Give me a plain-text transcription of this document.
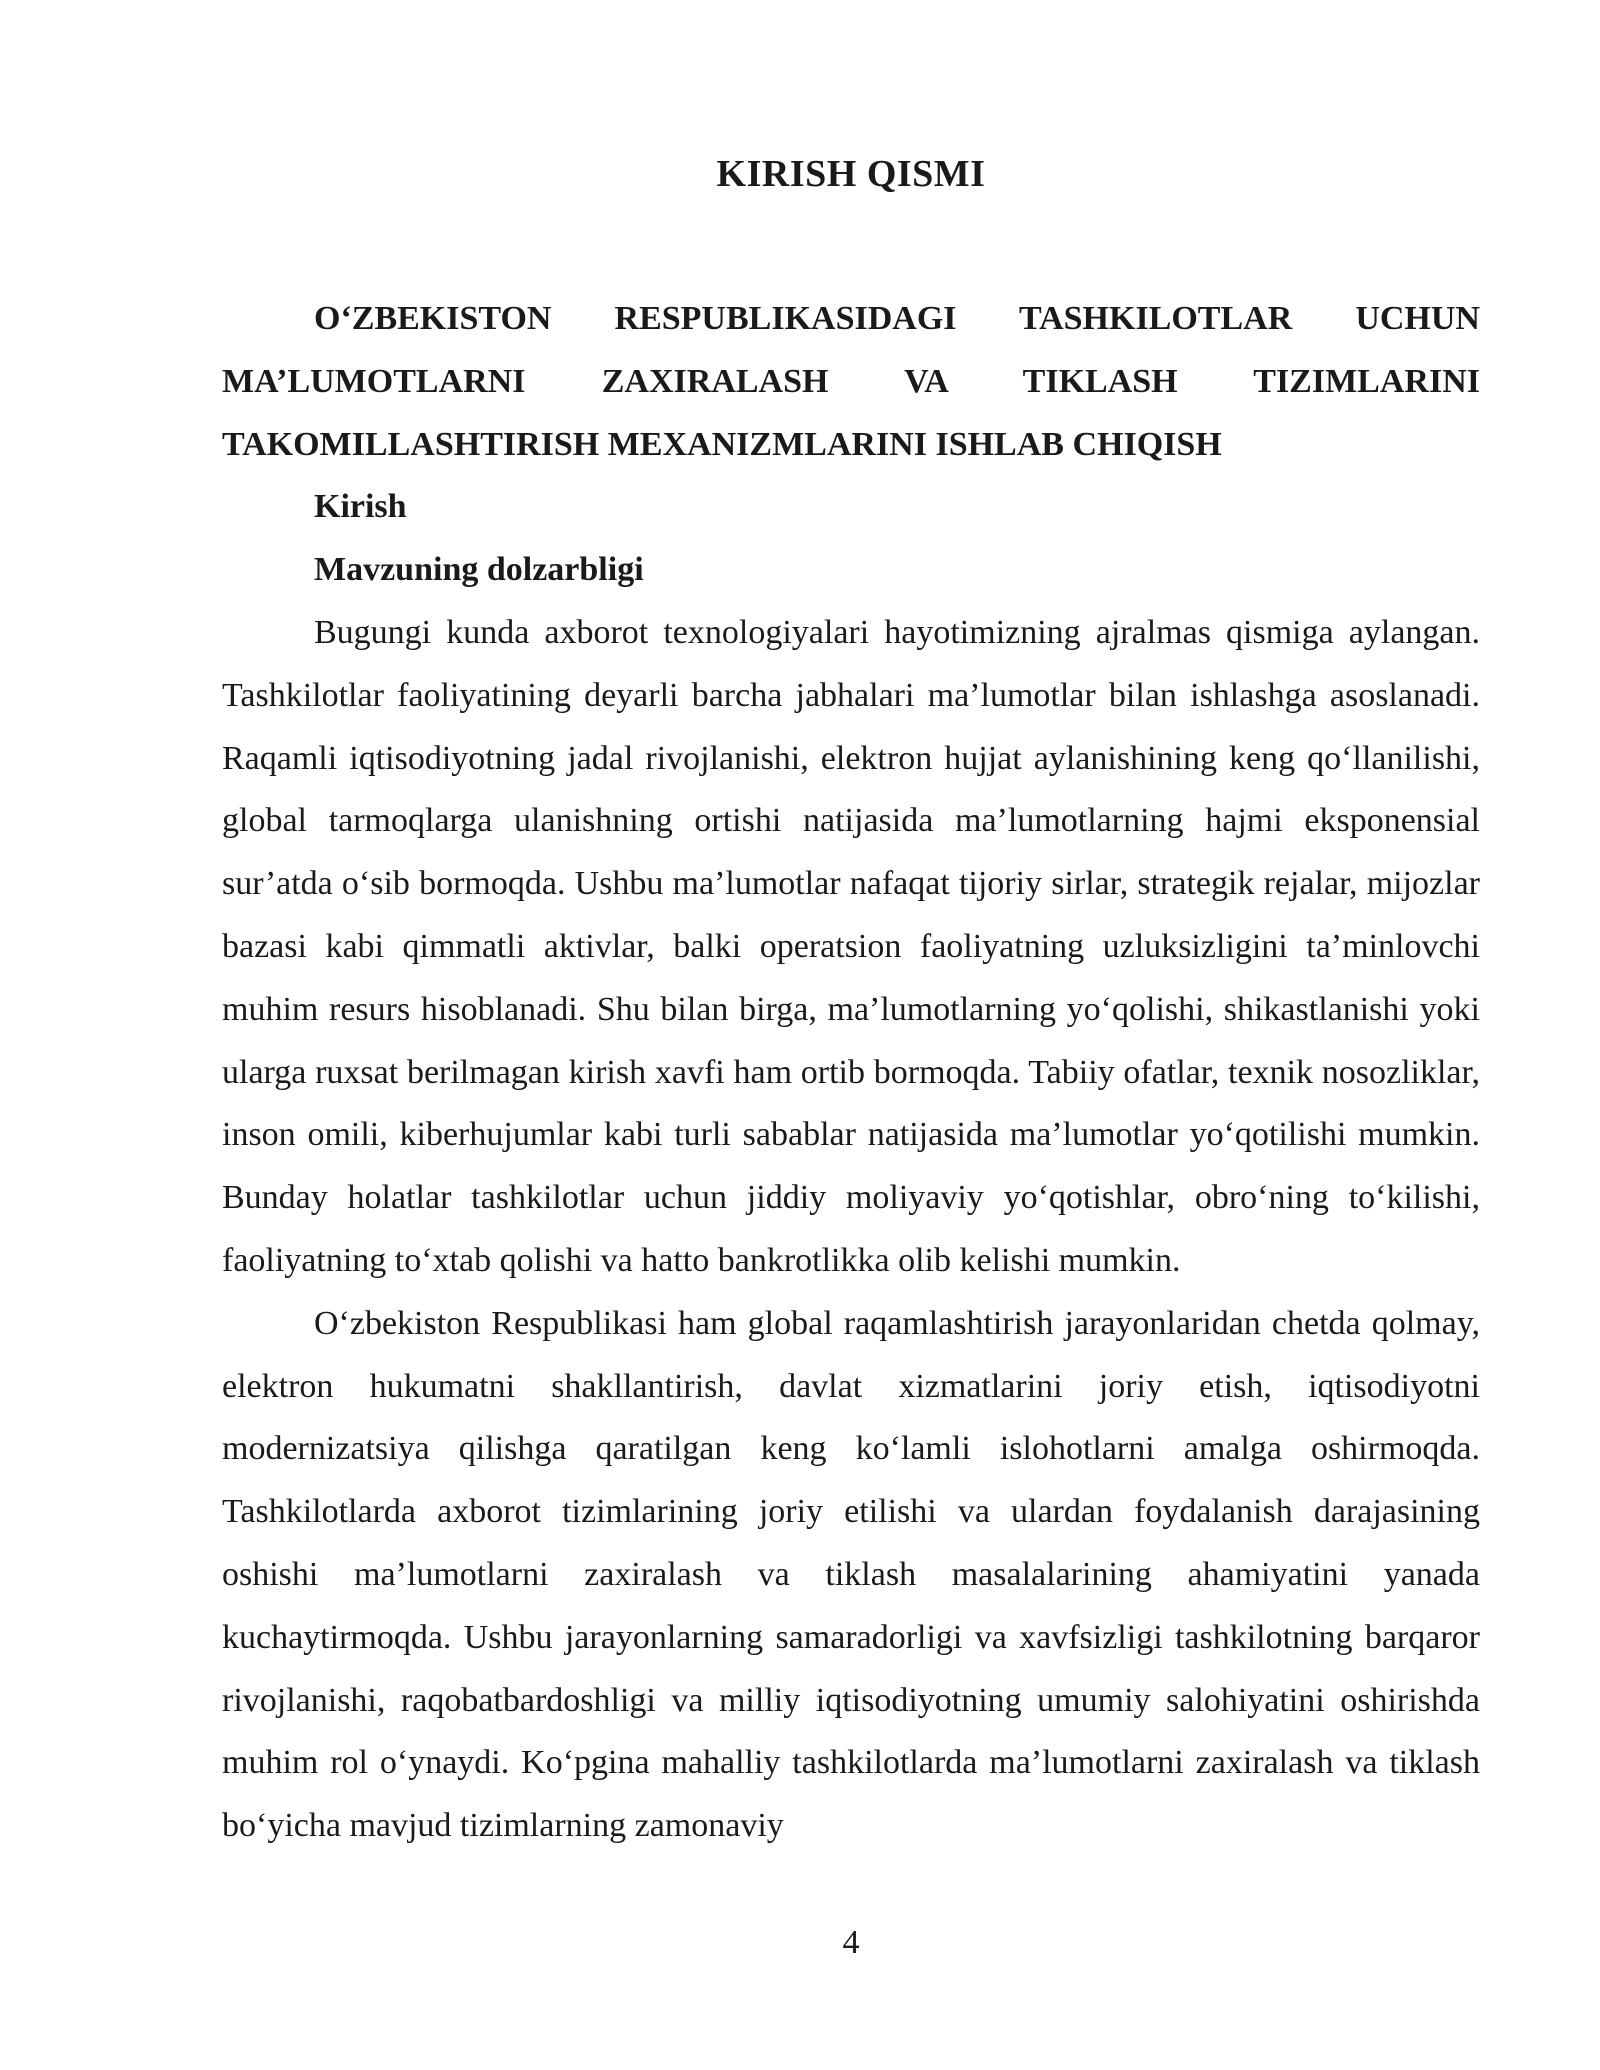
KIRISH QISMI

O‘ZBEKISTON RESPUBLIKASIDAGI TASHKILOTLAR UCHUN MA’LUMOTLARNI ZAXIRALASH VA TIKLASH TIZIMLARINI TAKOMILLASHTIRISH MEXANIZMLARINI ISHLAB CHIQISH

Kirish

Mavzuning dolzarbligi

Bugungi kunda axborot texnologiyalari hayotimizning ajralmas qismiga aylangan. Tashkilotlar faoliyatining deyarli barcha jabhalari ma’lumotlar bilan ishlashga asoslanadi. Raqamli iqtisodiyotning jadal rivojlanishi, elektron hujjat aylanishining keng qo‘llanilishi, global tarmoqlarga ulanishning ortishi natijasida ma’lumotlarning hajmi eksponensial sur’atda o‘sib bormoqda. Ushbu ma’lumotlar nafaqat tijoriy sirlar, strategik rejalar, mijozlar bazasi kabi qimmatli aktivlar, balki operatsion faoliyatning uzluksizligini ta’minlovchi muhim resurs hisoblanadi. Shu bilan birga, ma’lumotlarning yo‘qolishi, shikastlanishi yoki ularga ruxsat berilmagan kirish xavfi ham ortib bormoqda. Tabiiy ofatlar, texnik nosozliklar, inson omili, kiberhujumlar kabi turli sabablar natijasida ma’lumotlar yo‘qotilishi mumkin. Bunday holatlar tashkilotlar uchun jiddiy moliyaviy yo‘qotishlar, obro‘ning to‘kilishi, faoliyatning to‘xtab qolishi va hatto bankrotlikka olib kelishi mumkin.

O‘zbekiston Respublikasi ham global raqamlashtirish jarayonlaridan chetda qolmay, elektron hukumatni shakllantirish, davlat xizmatlarini joriy etish, iqtisodiyotni modernizatsiya qilishga qaratilgan keng ko‘lamli islohotlarni amalga oshirmoqda. Tashkilotlarda axborot tizimlarining joriy etilishi va ulardan foydalanish darajasining oshishi ma’lumotlarni zaxiralash va tiklash masalalarining ahamiyatini yanada kuchaytirmoqda. Ushbu jarayonlarning samaradorligi va xavfsizligi tashkilotning barqaror rivojlanishi, raqobatbardoshligi va milliy iqtisodiyotning umumiy salohiyatini oshirishda muhim rol o‘ynaydi. Ko‘pgina mahalliy tashkilotlarda ma’lumotlarni zaxiralash va tiklash bo‘yicha mavjud tizimlarning zamonaviy

4
